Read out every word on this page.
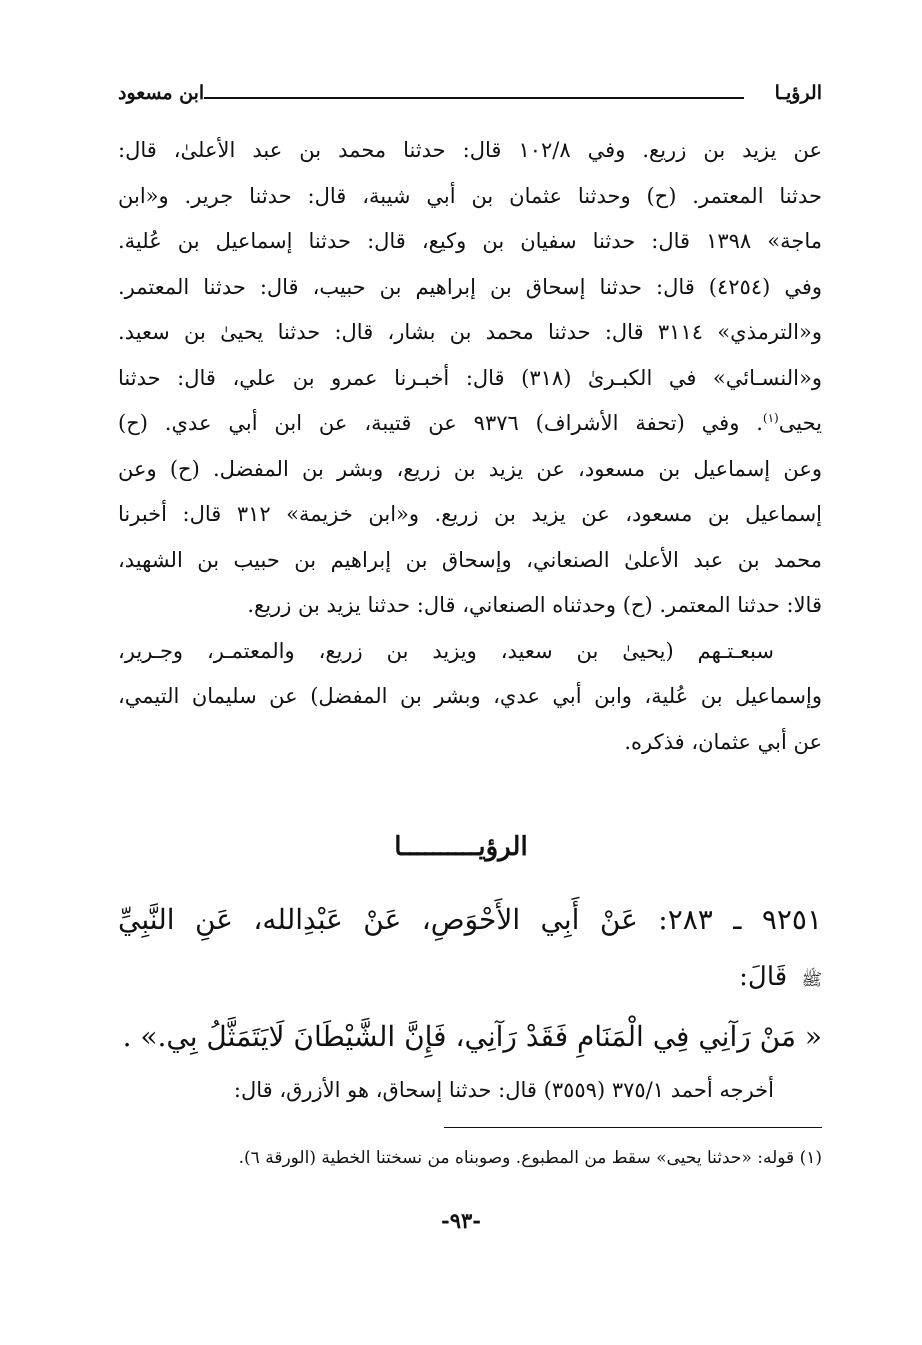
الرؤيـا
ابن مسعود
عن يزيد بن زريع. وفي ١٠٢/٨ قال: حدثنا محمد بن عبد الأعلىٰ، قال:
حدثنا المعتمر. (ح) وحدثنا عثمان بن أبي شيبة، قال: حدثنا جرير. و«ابن
ماجة» ١٣٩٨ قال: حدثنا سفيان بن وكيع، قال: حدثنا إسماعيل بن عُلية.
وفي (٤٢٥٤) قال: حدثنا إسحاق بن إبراهيم بن حبيب، قال: حدثنا المعتمر.
و«الترمذي» ٣١١٤ قال: حدثنا محمد بن بشار، قال: حدثنا يحيىٰ بن سعيد.
و«النسـائي» في الكبـرىٰ (٣١٨) قال: أخبـرنا عمرو بن علي، قال: حدثنا
يحيى$^{(١)}$. وفي (تحفة الأشراف) ٩٣٧٦ عن قتيبة، عن ابن أبي عدي. (ح)
وعن إسماعيل بن مسعود، عن يزيد بن زريع، وبشر بن المفضل. (ح) وعن
إسماعيل بن مسعود، عن يزيد بن زريع. و«ابن خزيمة» ٣١٢ قال: أخبرنا
محمد بن عبد الأعلىٰ الصنعاني، وإسحاق بن إبراهيم بن حبيب بن الشهيد،
قالا: حدثنا المعتمر. (ح) وحدثناه الصنعاني، قال: حدثنا يزيد بن زريع.
سبعـتـهم (يحيىٰ بن سعيد، ويزيد بن زريع، والمعتمـر، وجـرير،
وإسماعيل بن عُلية، وابن أبي عدي، وبشر بن المفضل) عن سليمان التيمي،
عن أبي عثمان، فذكره.
الرؤيــــــــــا
٩٢٥١ ـ ٢٨٣: عَنْ أَبِي الأَحْوَصِ، عَنْ عَبْدِالله، عَنِ النَّبِيِّ
ﷺ قَالَ:
« مَنْ رَآنِي فِي الْمَنَامِ فَقَدْ رَآنِي، فَإِنَّ الشَّيْطَانَ لَايَتَمَثَّلُ بِي.» .
أخرجه أحمد ٣٧٥/١ (٣٥٥٩) قال: حدثنا إسحاق، هو الأزرق، قال:
(١) قوله: «حدثنا يحيى» سقط من المطبوع. وصوبناه من نسختنا الخطية (الورقة ٦).
-٩٣-
